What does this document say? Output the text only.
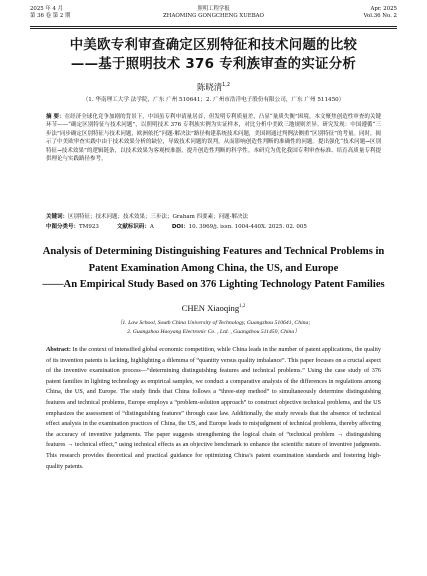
2025 年 4 月
第 36 卷 第 2 期
照明工程学报
ZHAOMING GONGCHENG XUEBAO
Apr. 2025
Vol.36 No. 2
中美欧专利审查确定区别特征和技术问题的比较
——基于照明技术 376 专利族审查的实证分析
陈晓清$^{1,2}$
（1. 华南理工大学 法学院，广东 广州 510641；2. 广州市浩洋电子股份有限公司，广东 广州 511450）
摘 要：在经济全球化竞争加剧的背景下，中国虽专利申请量居首，但发明专利质量差，凸显“量质失衡”困境。本文聚焦创造性审查的关键环节——“确定区别特征与技术问题”，以照明技术 376 专利族实例为实证样本，对比分析中美欧三地规则差异。研究发现：中国遵循“三步法”同步确定区别特征与技术问题，欧洲依托“问题-解决法”路径构建系统技术问题，美国则通过判例法侧重“区别特征”的考量。同时，揭示了中美欧审查实践中由于技术效果分析的缺位，导致技术问题的误判，从而影响创造性判断的准确性的问题。提出强化“技术问题→区别特征→技术效果”的逻辑链条，以技术效果为客观校准器，提升创造性判断的科学性。本研究为优化我国专利审查标准、培育高质量专利提供理论与实践路径参考。
关键词：区别特征；技术问题；技术效果；三步法；Graham 四要素；问题-解决法
中图分类号：TM923	文献标识码：A	DOI：10. 3969/j. issn. 1004-440X. 2025. 02. 005
Analysis of Determining Distinguishing Features and Technical Problems in
Patent Examination Among China, the US, and Europe
——An Empirical Study Based on 376 Lighting Technology Patent Families
CHEN Xiaoqing$^{1,2}$
（1. Law School, South China University of Technology, Guangzhou 510641, China;
2. Guangzhou Haoyang Electronic Co. , Ltd. , Guangzhou 511450, China）
Abstract: In the context of intensified global economic competition, while China leads in the number of patent applications, the quality of its invention patents is lacking, highlighting a dilemma of “quantity versus quality imbalance”. This paper focuses on a crucial aspect of the inventive examination process—“determining distinguishing features and technical problems.” Using the case study of 376 patent families in lighting technology as empirical samples, we conduct a comparative analysis of the differences in regulations among China, the US, and Europe. The study finds that China follows a “three-step method” to simultaneously determine distinguishing features and technical problems, Europe employs a “problem-solution approach” to construct objective technical problems, and the US emphasizes the assessment of “distinguishing features” through case law. Additionally, the study reveals that the absence of technical effect analysis in the examination practices of China, the US, and Europe leads to misjudgment of technical problems, thereby affecting the accuracy of inventive judgments. The paper suggests strengthening the logical chain of “technical problem → distinguishing features → technical effect,” using technical effects as an objective benchmark to enhance the scientific nature of inventive judgments. This research provides theoretical and practical guidance for optimizing China’s patent examination standards and fostering high-quality patents.
